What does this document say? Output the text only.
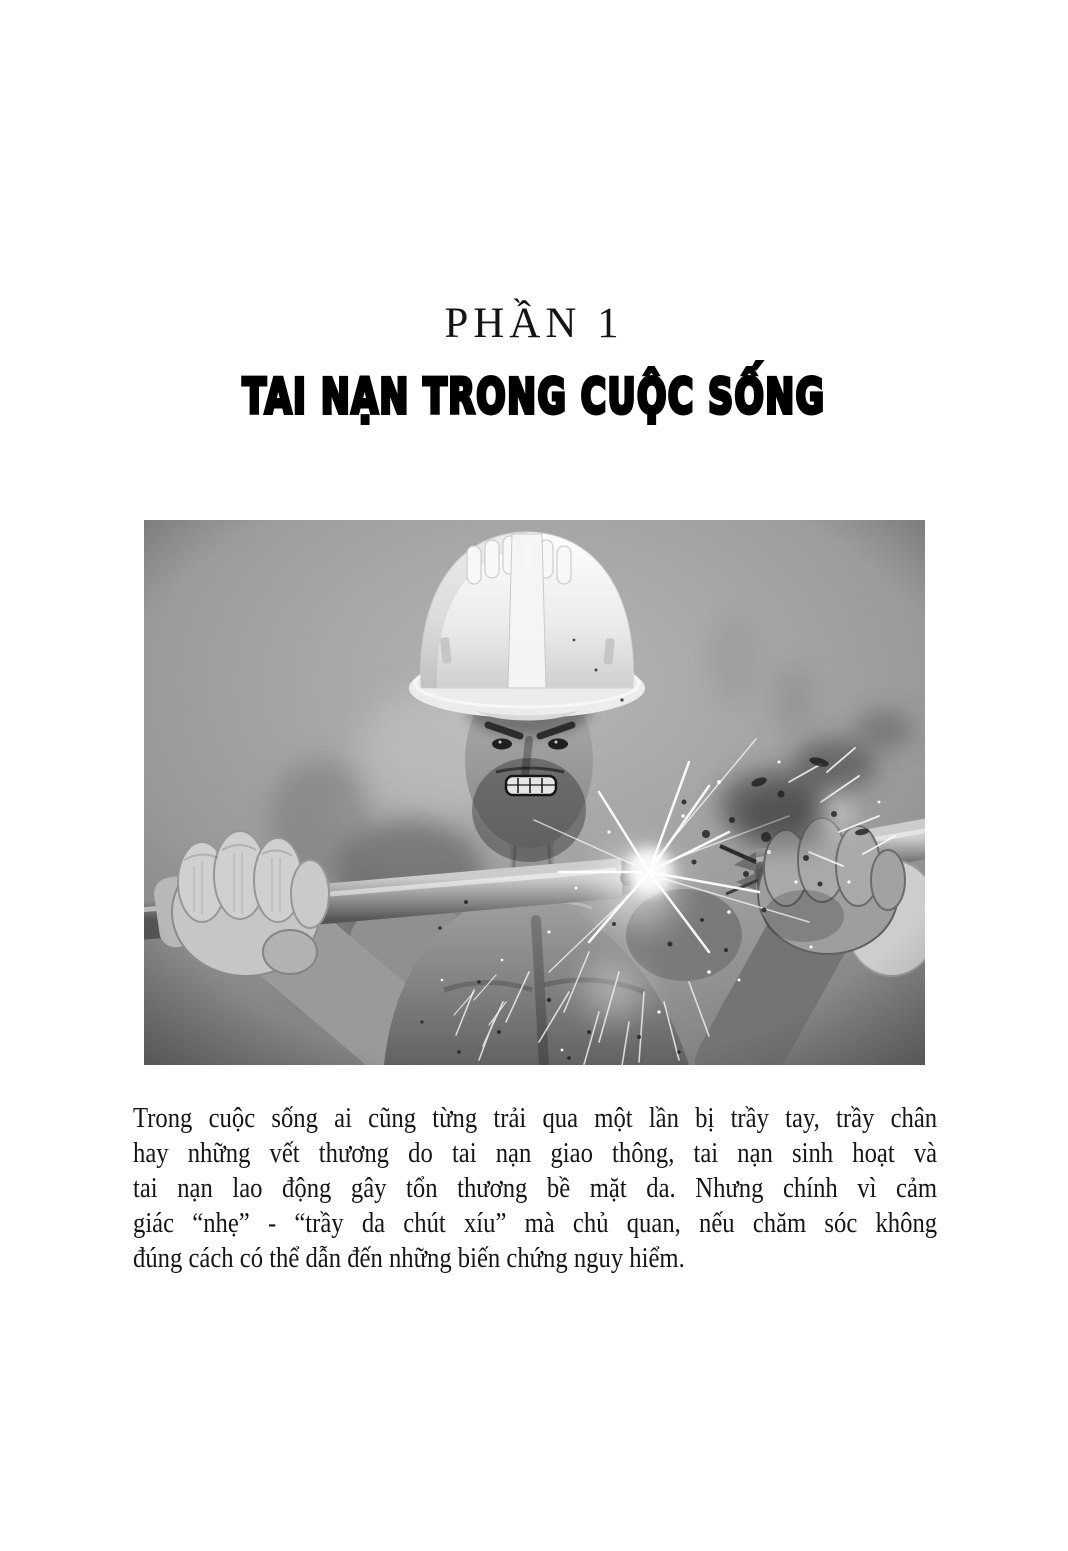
PHẦN 1
TAI NẠN TRONG CUỘC SỐNG
Trong cuộc sống ai cũng từng trải qua một lần bị trầy tay, trầy chân
hay những vết thương do tai nạn giao thông, tai nạn sinh hoạt và
tai nạn lao động gây tổn thương bề mặt da. Nhưng chính vì cảm
giác “nhẹ” - “trầy da chút xíu” mà chủ quan, nếu chăm sóc không
đúng cách có thể dẫn đến những biến chứng nguy hiểm.
